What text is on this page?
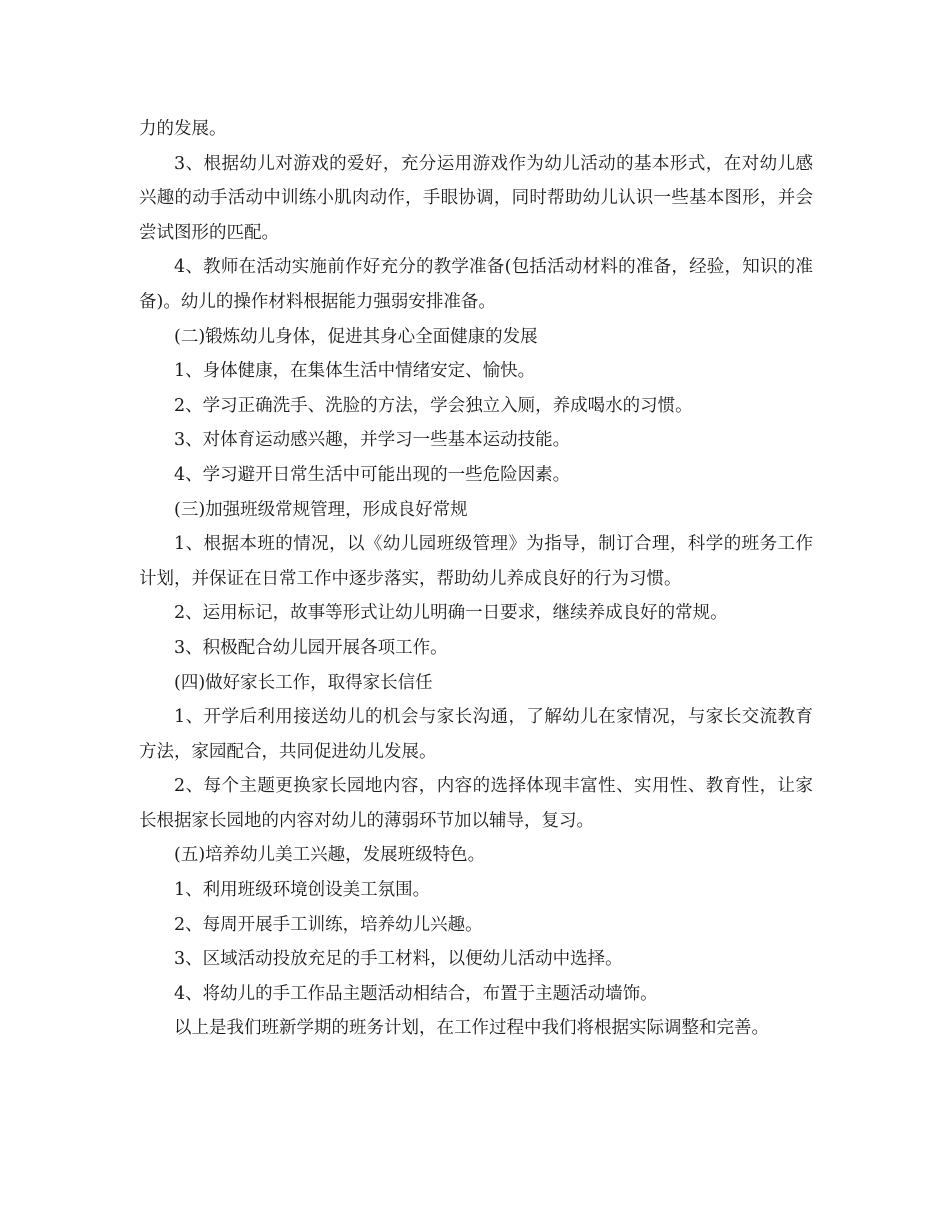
力的发展。

3、根据幼儿对游戏的爱好，充分运用游戏作为幼儿活动的基本形式，在对幼儿感兴趣的动手活动中训练小肌肉动作，手眼协调，同时帮助幼儿认识一些基本图形，并会尝试图形的匹配。

4、教师在活动实施前作好充分的教学准备(包括活动材料的准备，经验，知识的准备)。幼儿的操作材料根据能力强弱安排准备。

(二)锻炼幼儿身体，促进其身心全面健康的发展

1、身体健康，在集体生活中情绪安定、愉快。

2、学习正确洗手、洗脸的方法，学会独立入厕，养成喝水的习惯。

3、对体育运动感兴趣，并学习一些基本运动技能。

4、学习避开日常生活中可能出现的一些危险因素。

(三)加强班级常规管理，形成良好常规

1、根据本班的情况，以《幼儿园班级管理》为指导，制订合理，科学的班务工作计划，并保证在日常工作中逐步落实，帮助幼儿养成良好的行为习惯。

2、运用标记，故事等形式让幼儿明确一日要求，继续养成良好的常规。

3、积极配合幼儿园开展各项工作。

(四)做好家长工作，取得家长信任

1、开学后利用接送幼儿的机会与家长沟通，了解幼儿在家情况，与家长交流教育方法，家园配合，共同促进幼儿发展。

2、每个主题更换家长园地内容，内容的选择体现丰富性、实用性、教育性，让家长根据家长园地的内容对幼儿的薄弱环节加以辅导，复习。

(五)培养幼儿美工兴趣，发展班级特色。

1、利用班级环境创设美工氛围。

2、每周开展手工训练，培养幼儿兴趣。

3、区域活动投放充足的手工材料，以便幼儿活动中选择。

4、将幼儿的手工作品主题活动相结合，布置于主题活动墙饰。

以上是我们班新学期的班务计划，在工作过程中我们将根据实际调整和完善。
